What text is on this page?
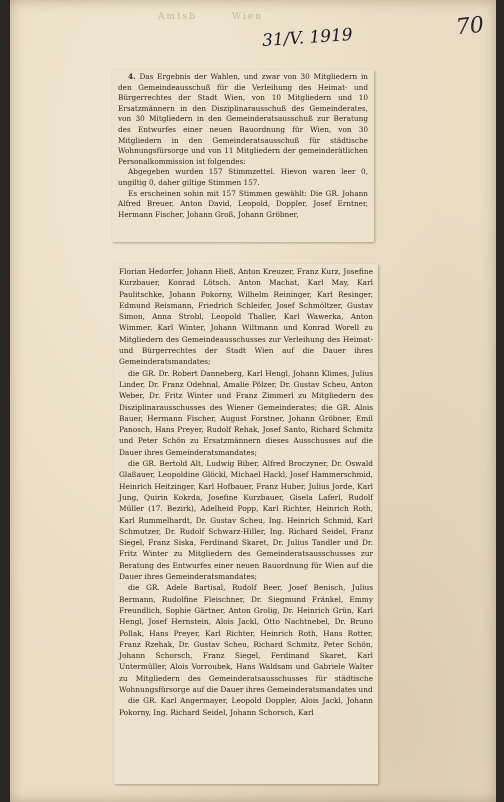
Amtsb	Wien
31/V. 1919	70

4. Das Ergebnis der Wahlen, und zwar von 30 Mitgliedern in den Gemeindeausschuß für die Verleihung des Heimat- und Bürgerrechtes der Stadt Wien, von 10 Mitgliedern und 10 Ersatzmännern in den Disziplinarausschuß des Gemeinderates, von 30 Mitgliedern in den Gemeinderatsausschuß zur Beratung des Entwurfes einer neuen Bauordnung für Wien, von 30 Mitgliedern in den Gemeinderatsausschuß für städtische Wohnungsfürsorge und von 11 Mitgliedern der gemeinderätlichen Personalkommission ist folgendes:

Abgegeben wurden 157 Stimmzettel. Hievon waren leer 0, ungiltig 0, daher giltige Stimmen 157.

Es erscheinen sohin mit 157 Stimmen gewählt: Die GR. Johann Alfred Breuer, Anton David, Leopold, Doppler, Josef Erntner, Hermann Fischer, Johann Groß, Johann Gröbner,

Florian Hedorfer, Johann Hieß, Anton Kreuzer, Franz Kurz, Josefine Kurzbauer, Konrad Lötsch, Anton Machat, Karl May, Karl Paulitschke, Johann Pokorny, Wilhelm Reininger, Karl Resinger, Edmund Reismann, Friedrich Schleifer, Josef Schmöltzer, Gustav Simon, Anna Strobl, Leopold Thaller, Karl Wawerka, Anton Wimmer, Karl Winter, Johann Wiltmann und Konrad Worell zu Mitgliedern des Gemeindeausschusses zur Verleihung des Heimat- und Bürgerrechtes der Stadt Wien auf die Dauer ihres Gemeinderatsmandates;

die GR. Dr. Robert Danneberg, Karl Hengl, Johann Klimes, Julius Linder, Dr. Franz Odehnal, Amalie Pölzer, Dr. Gustav Scheu, Anton Weber, Dr. Fritz Winter und Franz Zimmerl zu Mitgliedern des Disziplinarausschusses des Wiener Gemeinderates; die GR. Alois Bauer, Hermann Fischer, August Forstner, Johann Gröbner, Emil Panosch, Hans Preyer, Rudolf Rehak, Josef Santo, Richard Schmitz und Peter Schön zu Ersatzmännern dieses Ausschusses auf die Dauer ihres Gemeinderatsmandates;

die GR. Bertold Alt, Ludwig Biber, Alfred Broczyner, Dr. Oswald Glaßauer, Leopoldine Glöckl, Michael Hackl, Josef Hammerschmid, Heinrich Heitzinger, Karl Hofbauer, Franz Huber, Julius Jorde, Karl Jung, Quirin Kokrda, Josefine Kurzbauer, Gisela Laferl, Rudolf Müller (17. Bezirk), Adelheid Popp, Karl Richter, Heinrich Roth, Karl Rummelhardt, Dr. Gustav Scheu, Ing. Heinrich Schmid, Karl Schmutzer, Dr. Rudolf Schwarz-Hiller, Ing. Richard Seidel, Franz Siegel, Franz Siska, Ferdinand Skaret, Dr. Julius Tandler und Dr. Fritz Winter zu Mitgliedern des Gemeinderatsausschusses zur Beratung des Entwurfes einer neuen Bauordnung für Wien auf die Dauer ihres Gemeinderatsmandates;

die GR. Adele Bartisal, Rudolf Beer, Josef Benisch, Julius Bermann, Rudolfine Fleischner, Dr. Siegmund Fränkel, Emmy Freundlich, Sophie Gärtner, Anton Grolig, Dr. Heinrich Grün, Karl Hengl, Josef Hernstein, Alois Jackl, Otto Nachtnebel, Dr. Bruno Pollak, Hans Preyer, Karl Richter, Heinrich Roth, Hans Rotter, Franz Rzehak, Dr. Gustav Scheu, Richard Schmitz, Peter Schön, Johann Schorsch, Franz Siegel, Ferdinand Skaret, Karl Untermüller, Alois Vorroubek, Hans Waldsam und Gabriele Walter zu Mitgliedern des Gemeinderatsausschusses für städtische Wohnungsfürsorge auf die Dauer ihres Gemeinderatsmandates und

die GR. Karl Angermayer, Leopold Doppler, Alois Jackl, Johann Pokorny, Ing. Richard Seidel, Johann Schorsch, Karl
